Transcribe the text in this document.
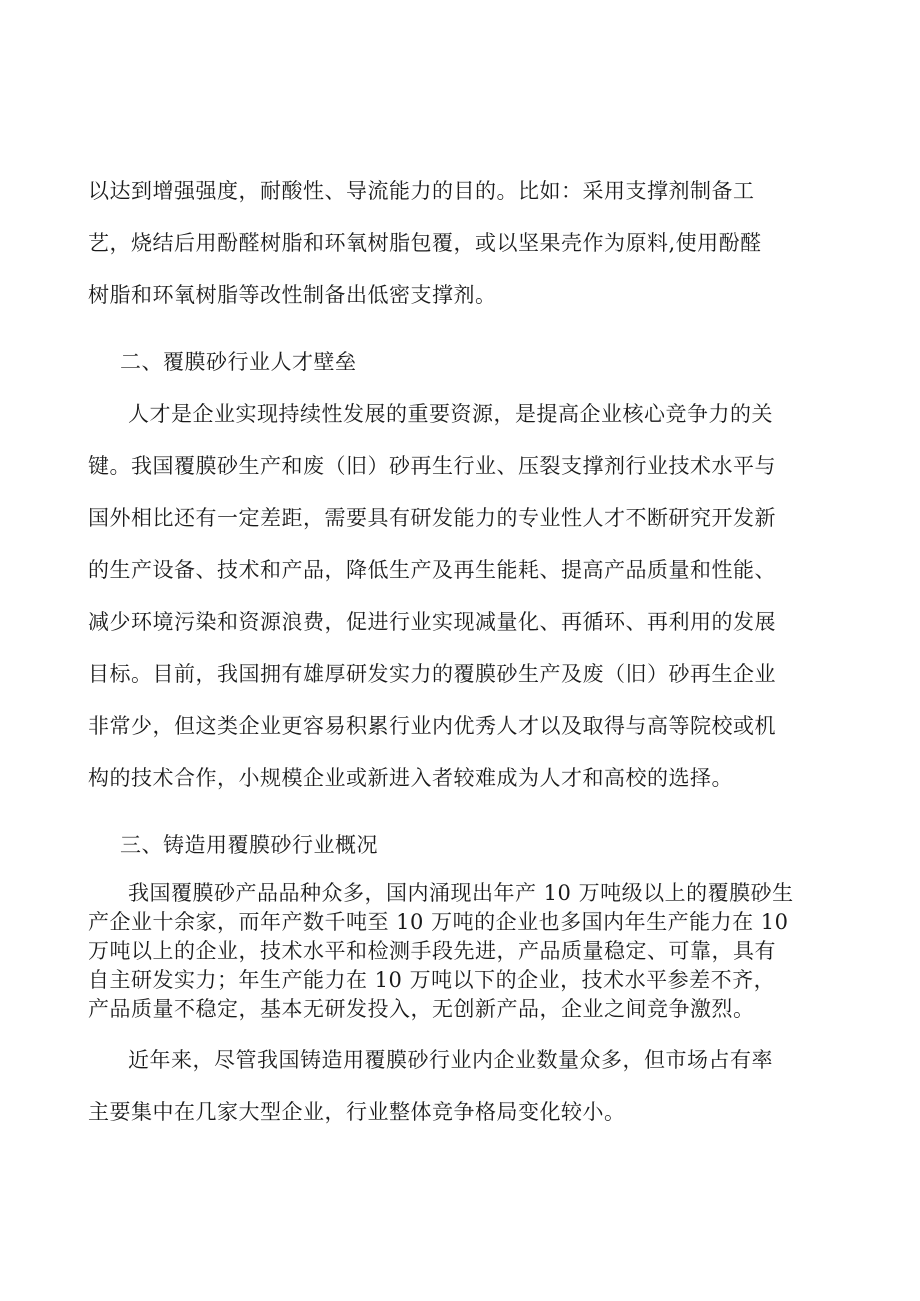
以达到增强强度，耐酸性、导流能力的目的。比如：采用支撑剂制备工
艺，烧结后用酚醛树脂和环氧树脂包覆，或以坚果壳作为原料,使用酚醛
树脂和环氧树脂等改性制备出低密支撑剂。
二、覆膜砂行业人才壁垒
人才是企业实现持续性发展的重要资源，是提高企业核心竞争力的关
键。我国覆膜砂生产和废（旧）砂再生行业、压裂支撑剂行业技术水平与
国外相比还有一定差距，需要具有研发能力的专业性人才不断研究开发新
的生产设备、技术和产品，降低生产及再生能耗、提高产品质量和性能、
减少环境污染和资源浪费，促进行业实现减量化、再循环、再利用的发展
目标。目前，我国拥有雄厚研发实力的覆膜砂生产及废（旧）砂再生企业
非常少，但这类企业更容易积累行业内优秀人才以及取得与高等院校或机
构的技术合作，小规模企业或新进入者较难成为人才和高校的选择。
三、铸造用覆膜砂行业概况
我国覆膜砂产品品种众多，国内涌现出年产 10 万吨级以上的覆膜砂生
产企业十余家，而年产数千吨至 10 万吨的企业也多国内年生产能力在 10
万吨以上的企业，技术水平和检测手段先进，产品质量稳定、可靠，具有
自主研发实力；年生产能力在 10 万吨以下的企业，技术水平参差不齐，
产品质量不稳定，基本无研发投入，无创新产品，企业之间竞争激烈。
近年来，尽管我国铸造用覆膜砂行业内企业数量众多，但市场占有率
主要集中在几家大型企业，行业整体竞争格局变化较小。
